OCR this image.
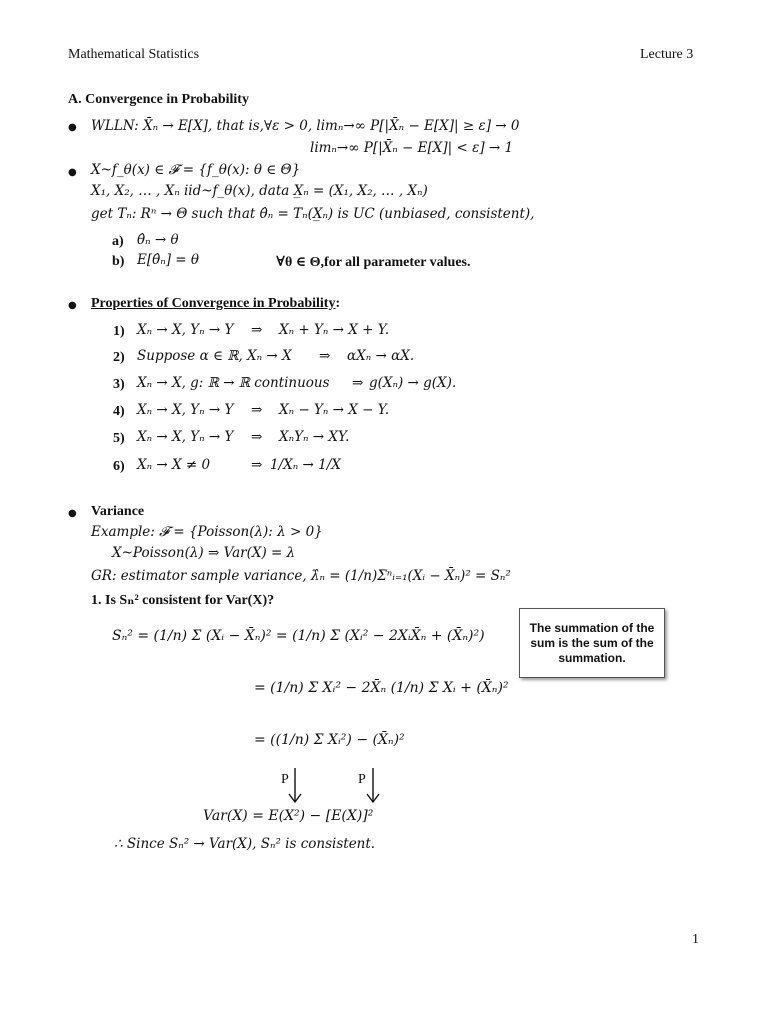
Mathematical Statistics	Lecture 3
A. Convergence in Probability
● WLLN: X̄ₙ → E[X], that is,∀ε > 0, limₙ→∞ P[|X̄ₙ − E[X]| ≥ ε] → 0
limₙ→∞ P[|X̄ₙ − E[X]| < ε] → 1
● X~f_θ(x) ∈ 𝓕 = {f_θ(x): θ ∈ Θ}
X₁, X₂, … , Xₙ iid~f_θ(x), data X̲ₙ = (X₁, X₂, … , Xₙ)
get Tₙ: Rⁿ → Θ such that θ̂ₙ = Tₙ(X̲ₙ) is UC (unbiased, consistent),
a) θ̂ₙ → θ
b) E[θ̂ₙ] = θ	∀θ ∈ Θ,for all parameter values.
● Properties of Convergence in Probability:
1) Xₙ → X, Yₙ → Y ⇒ Xₙ + Yₙ → X + Y.
2) Suppose α ∈ ℝ, Xₙ → X ⇒ αXₙ → αX.
3) Xₙ → X, g: ℝ → ℝ continuous ⇒ g(Xₙ) → g(X).
4) Xₙ → X, Yₙ → Y ⇒ Xₙ − Yₙ → X − Y.
5) Xₙ → X, Yₙ → Y ⇒ XₙYₙ → XY.
6) Xₙ → X ≠ 0	⇒ 1/Xₙ → 1/X
● Variance
Example: 𝓕 = {Poisson(λ): λ > 0}
X~Poisson(λ) ⇒ Var(X) = λ
GR: estimator sample variance, λ̂ₙ = (1/n)Σⁿᵢ₌₁(Xᵢ − X̄ₙ)² = Sₙ²
1. Is Sₙ² consistent for Var(X)?
Sₙ² = (1/n) Σ (Xᵢ − X̄ₙ)² = (1/n) Σ (Xᵢ² − 2XᵢX̄ₙ + (X̄ₙ)²)
= (1/n) Σ Xᵢ² − 2X̄ₙ (1/n) Σ Xᵢ + (X̄ₙ)²
= ((1/n) Σ Xᵢ²) − (X̄ₙ)²
P	P
Var(X) = E(X²) − [E(X)]²
∴ Since Sₙ² → Var(X), Sₙ² is consistent.
The summation of the sum is the sum of the summation.
1
